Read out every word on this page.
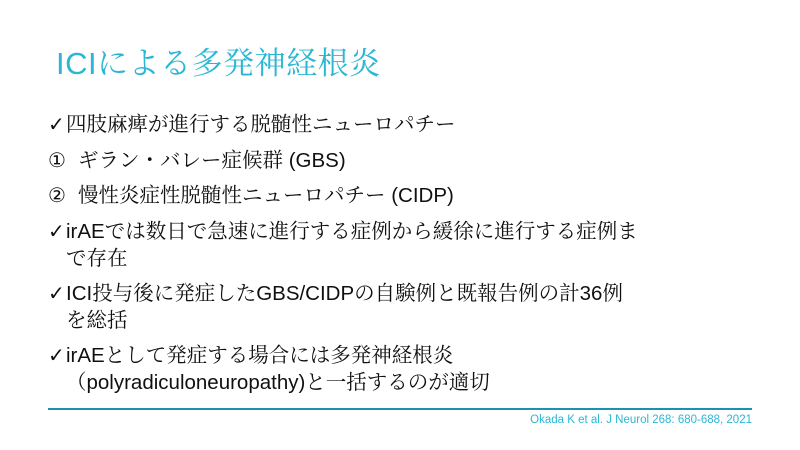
ICIによる多発神経根炎
✓ 四肢麻痺が進行する脱髄性ニューロパチー
① ギラン・バレー症候群 (GBS)
② 慢性炎症性脱髄性ニューロパチー (CIDP)
✓ irAEでは数日で急速に進行する症例から緩徐に進行する症例ま
で存在
✓ ICI投与後に発症したGBS/CIDPの自験例と既報告例の計36例
を総括
✓ irAEとして発症する場合には多発神経根炎
（polyradiculoneuropathy)と一括するのが適切
Okada K et al. J Neurol 268: 680-688, 2021
